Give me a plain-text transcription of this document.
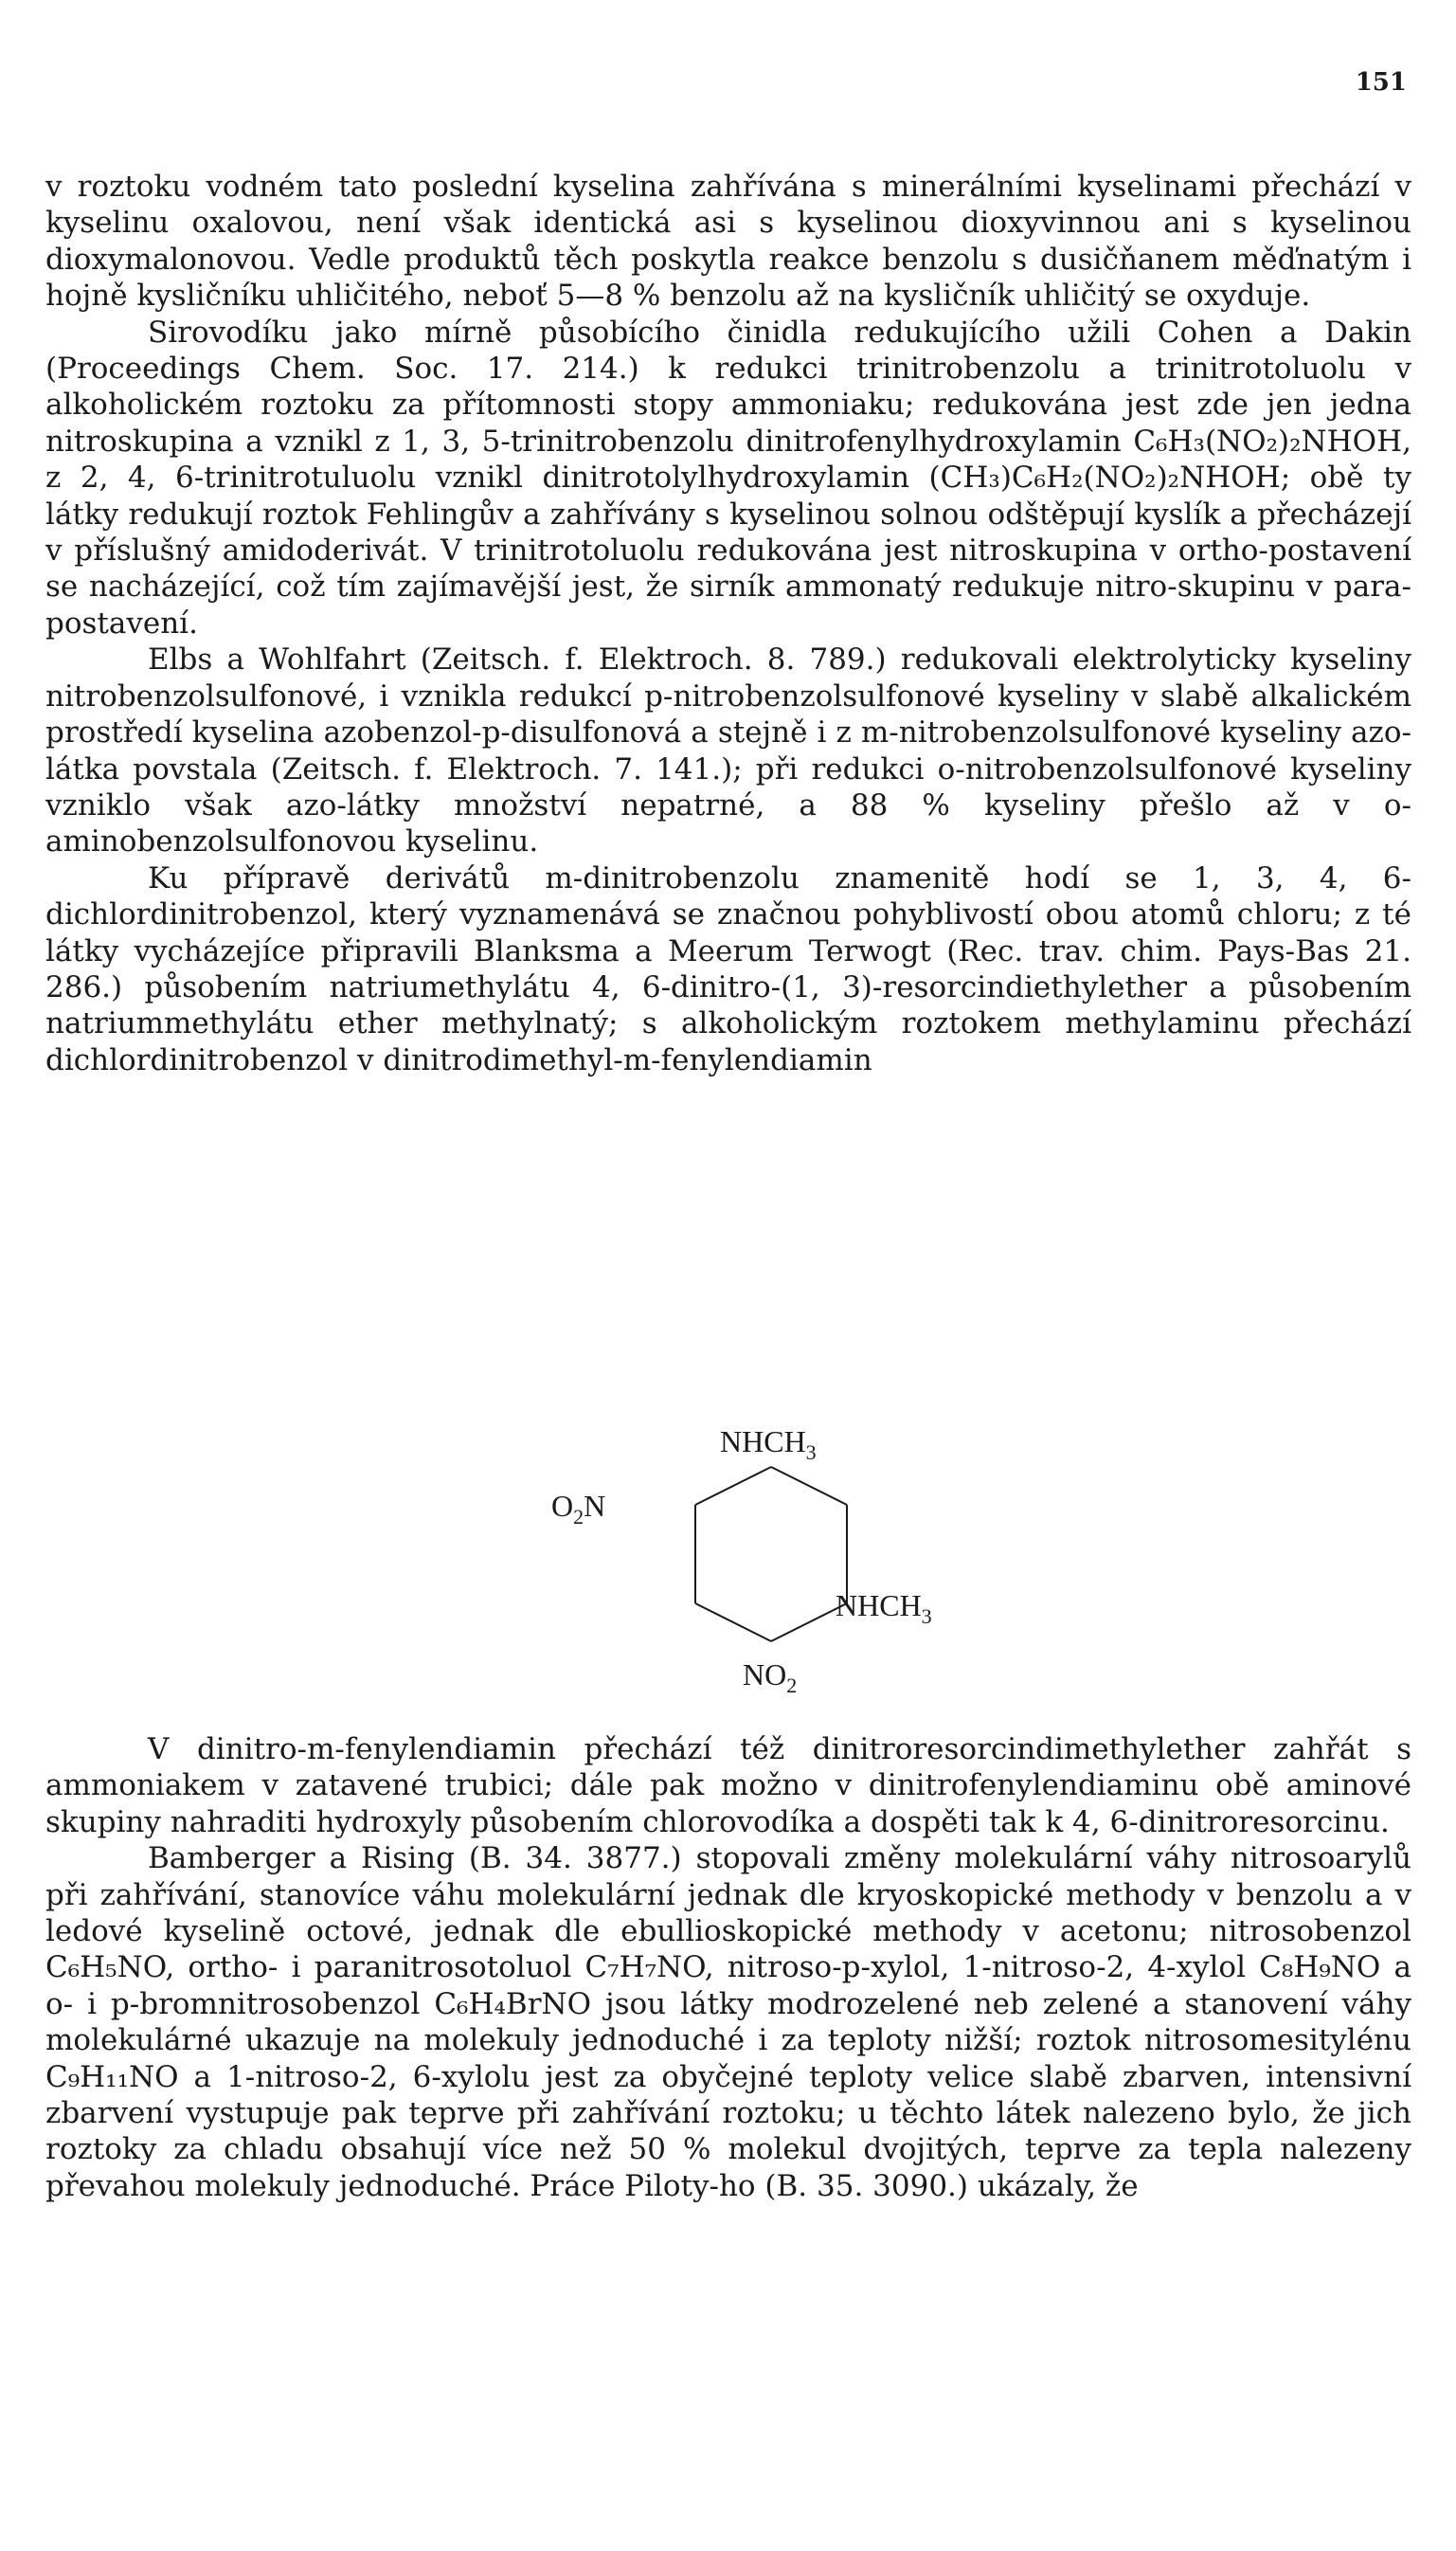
151

v roztoku vodném tato poslední kyselina zahřívána s minerálními kyselinami přechází v kyselinu oxalovou, není však identická asi s kyselinou dioxyvinnou ani s kyselinou dioxymalonovou. Vedle produktů těch poskytla reakce benzolu s dusičňanem měďnatým i hojně kysličníku uhličitého, neboť 5—8 % benzolu až na kysličník uhličitý se oxyduje.

Sirovodíku jako mírně působícího činidla redukujícího užili Cohen a Dakin (Proceedings Chem. Soc. 17. 214.) k redukci trinitrobenzolu a trinitrotoluolu v alkoholickém roztoku za přítomnosti stopy ammoniaku; redukována jest zde jen jedna nitroskupina a vznikl z 1, 3, 5-trinitrobenzolu dinitrofenylhydroxylamin C₆H₃(NO₂)₂NHOH, z 2, 4, 6-trinitrotuluolu vznikl dinitrotolylhydroxylamin (CH₃)C₆H₂(NO₂)₂NHOH; obě ty látky redukují roztok Fehlingův a zahřívány s kyselinou solnou odštěpují kyslík a přecházejí v příslušný amidoderivát. V trinitrotoluolu redukována jest nitroskupina v ortho-postavení se nacházející, což tím zajímavější jest, že sirník ammonatý redukuje nitro-skupinu v para-postavení.

Elbs a Wohlfahrt (Zeitsch. f. Elektroch. 8. 789.) redukovali elektrolyticky kyseliny nitrobenzolsulfonové, i vznikla redukcí p-nitrobenzolsulfonové kyseliny v slabě alkalickém prostředí kyselina azobenzol-p-disulfonová a stejně i z m-nitrobenzolsulfonové kyseliny azo-látka povstala (Zeitsch. f. Elektroch. 7. 141.); při redukci o-nitrobenzolsulfonové kyseliny vzniklo však azo-látky množství nepatrné, a 88 % kyseliny přešlo až v o-aminobenzolsulfonovou kyselinu.

Ku přípravě derivátů m-dinitrobenzolu znamenitě hodí se 1, 3, 4, 6-dichlordinitrobenzol, který vyznamenává se značnou pohyblivostí obou atomů chloru; z té látky vycházejíce připravili Blanksma a Meerum Terwogt (Rec. trav. chim. Pays-Bas 21. 286.) působením natriumethylátu 4, 6-dinitro-(1, 3)-resorcindiethylether a působením natriummethylátu ether methylnatý; s alkoholickým roztokem methylaminu přechází dichlordinitrobenzol v dinitrodimethyl-m-fenylendiamin

$NHCH_3$
$O_2N$
$NHCH_3$
$NO_2$

V dinitro-m-fenylendiamin přechází též dinitroresorcindimethylether zahřát s ammoniakem v zatavené trubici; dále pak možno v dinitrofenylendiaminu obě aminové skupiny nahraditi hydroxyly působením chlorovodíka a dospěti tak k 4, 6-dinitroresorcinu.

Bamberger a Rising (B. 34. 3877.) stopovali změny molekulární váhy nitrosoarylů při zahřívání, stanovíce váhu molekulární jednak dle kryoskopické methody v benzolu a v ledové kyselině octové, jednak dle ebullioskopické methody v acetonu; nitrosobenzol C₆H₅NO, ortho- i paranitrosotoluol C₇H₇NO, nitroso-p-xylol, 1-nitroso-2, 4-xylol C₈H₉NO a o- i p-bromnitrosobenzol C₆H₄BrNO jsou látky modrozelené neb zelené a stanovení váhy molekulárné ukazuje na molekuly jednoduché i za teploty nižší; roztok nitrosomesitylénu C₉H₁₁NO a 1-nitroso-2, 6-xylolu jest za obyčejné teploty velice slabě zbarven, intensivní zbarvení vystupuje pak teprve při zahřívání roztoku; u těchto látek nalezeno bylo, že jich roztoky za chladu obsahují více než 50 % molekul dvojitých, teprve za tepla nalezeny převahou molekuly jednoduché. Práce Piloty-ho (B. 35. 3090.) ukázaly, že
